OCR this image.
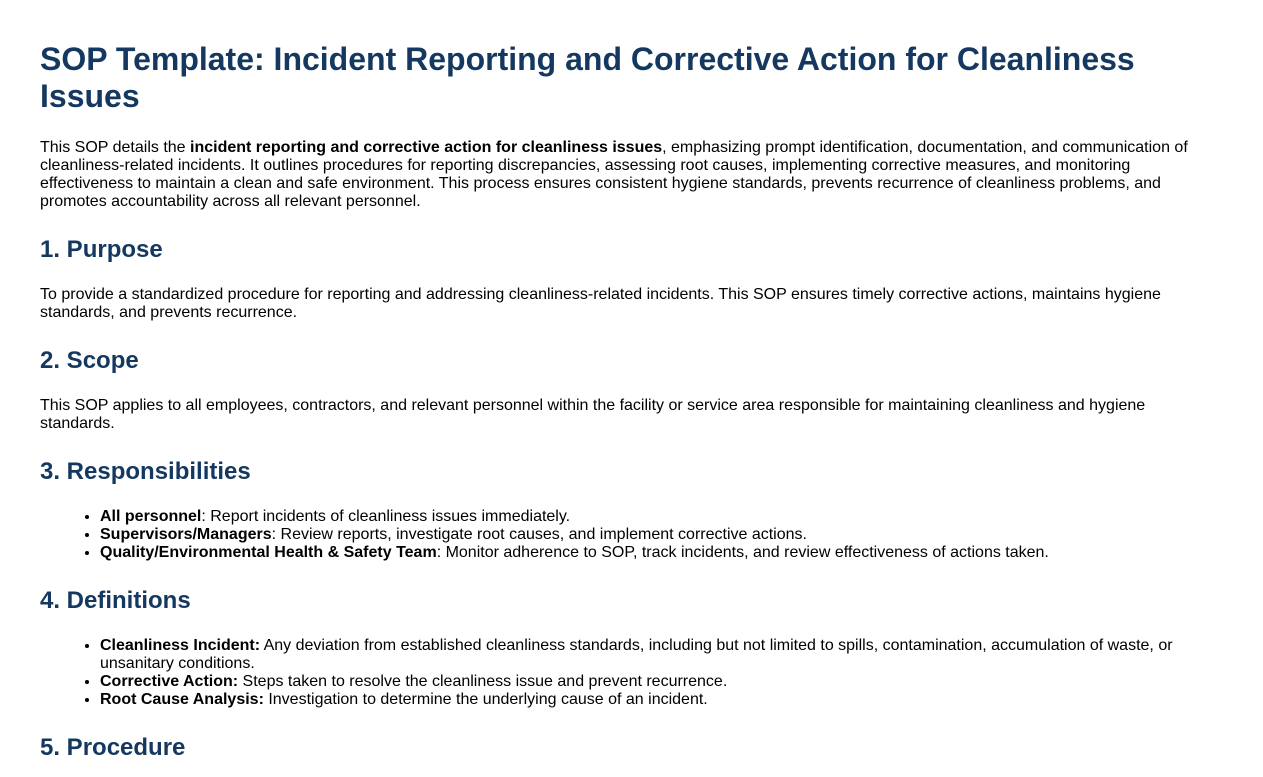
SOP Template: Incident Reporting and Corrective Action for Cleanliness Issues

This SOP details the incident reporting and corrective action for cleanliness issues, emphasizing prompt identification, documentation, and communication of cleanliness-related incidents. It outlines procedures for reporting discrepancies, assessing root causes, implementing corrective measures, and monitoring effectiveness to maintain a clean and safe environment. This process ensures consistent hygiene standards, prevents recurrence of cleanliness problems, and promotes accountability across all relevant personnel.

1. Purpose

To provide a standardized procedure for reporting and addressing cleanliness-related incidents. This SOP ensures timely corrective actions, maintains hygiene standards, and prevents recurrence.

2. Scope

This SOP applies to all employees, contractors, and relevant personnel within the facility or service area responsible for maintaining cleanliness and hygiene standards.

3. Responsibilities
• All personnel: Report incidents of cleanliness issues immediately.
• Supervisors/Managers: Review reports, investigate root causes, and implement corrective actions.
• Quality/Environmental Health & Safety Team: Monitor adherence to SOP, track incidents, and review effectiveness of actions taken.
4. Definitions
• Cleanliness Incident: Any deviation from established cleanliness standards, including but not limited to spills, contamination, accumulation of waste, or unsanitary conditions.
• Corrective Action: Steps taken to resolve the cleanliness issue and prevent recurrence.
• Root Cause Analysis: Investigation to determine the underlying cause of an incident.
5. Procedure
